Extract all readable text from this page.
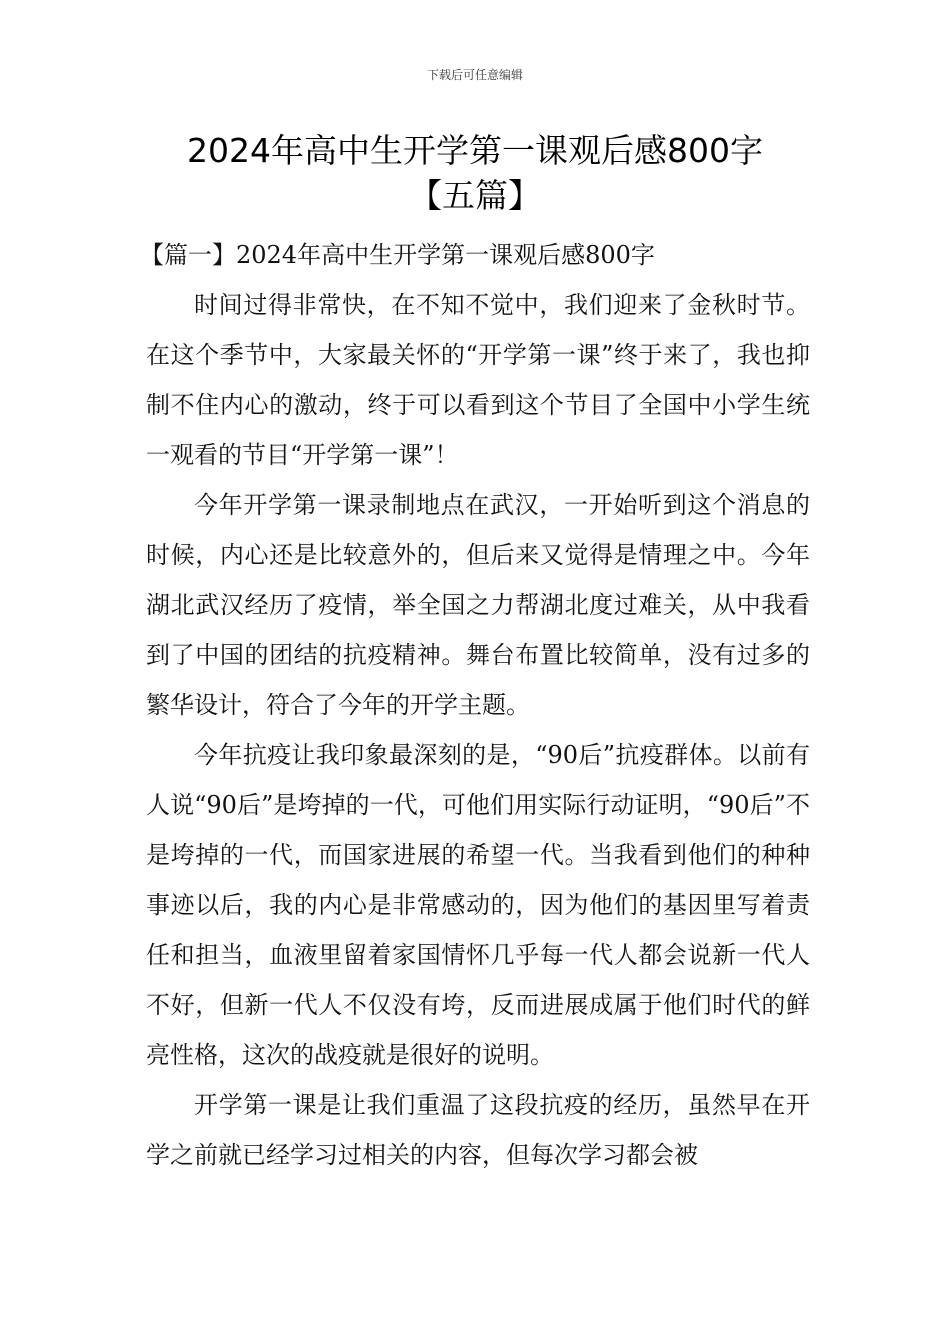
下载后可任意编辑
2024年高中生开学第一课观后感800字
【五篇】

【篇一】2024年高中生开学第一课观后感800字

时间过得非常快，在不知不觉中，我们迎来了金秋时节。在这个季节中，大家最关怀的“开学第一课”终于来了，我也抑制不住内心的激动，终于可以看到这个节目了全国中小学生统一观看的节目“开学第一课”！

今年开学第一课录制地点在武汉，一开始听到这个消息的时候，内心还是比较意外的，但后来又觉得是情理之中。今年湖北武汉经历了疫情，举全国之力帮湖北度过难关，从中我看到了中国的团结的抗疫精神。舞台布置比较简单，没有过多的繁华设计，符合了今年的开学主题。

今年抗疫让我印象最深刻的是，“90后”抗疫群体。以前有人说“90后”是垮掉的一代，可他们用实际行动证明，“90后”不是垮掉的一代，而国家进展的希望一代。当我看到他们的种种事迹以后，我的内心是非常感动的，因为他们的基因里写着责任和担当，血液里留着家国情怀几乎每一代人都会说新一代人不好，但新一代人不仅没有垮，反而进展成属于他们时代的鲜亮性格，这次的战疫就是很好的说明。

开学第一课是让我们重温了这段抗疫的经历，虽然早在开学之前就已经学习过相关的内容，但每次学习都会被
